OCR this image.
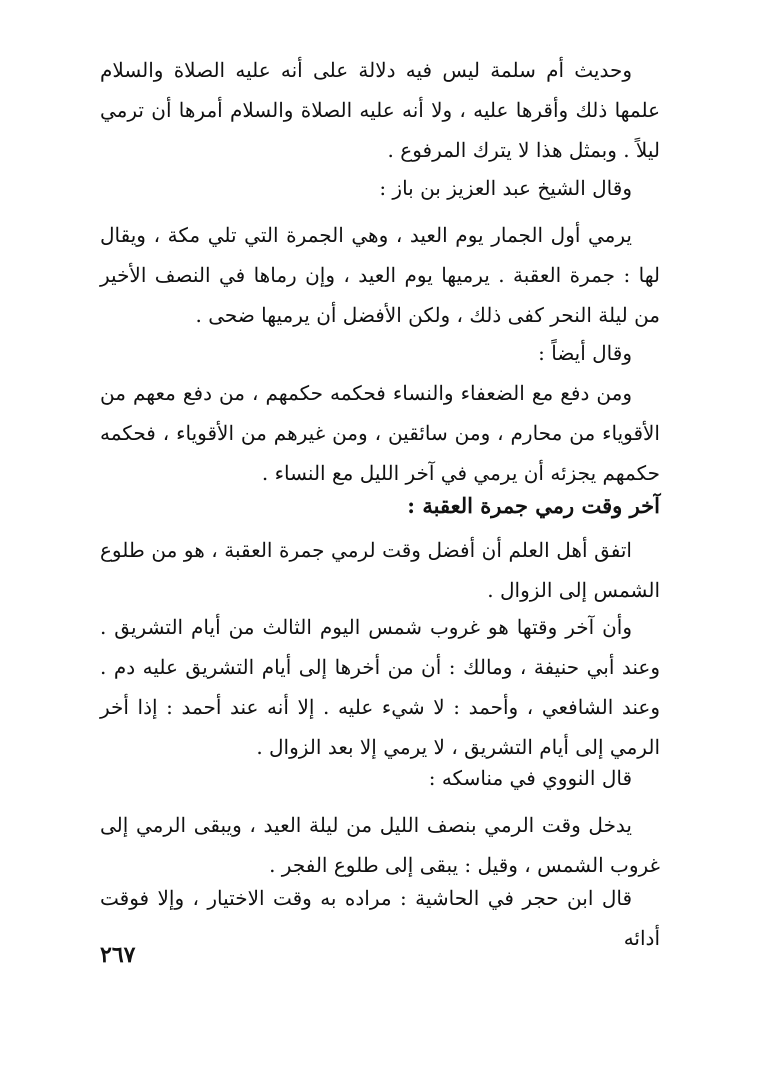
وحديث أم سلمة ليس فيه دلالة على أنه عليه الصلاة والسلام علمها ذلك وأقرها عليه ، ولا أنه عليه الصلاة والسلام أمرها أن ترمي ليلاً . وبمثل هذا لا يترك المرفوع .

وقال الشيخ عبد العزيز بن باز :

يرمي أول الجمار يوم العيد ، وهي الجمرة التي تلي مكة ، ويقال لها : جمرة العقبة . يرميها يوم العيد ، وإن رماها في النصف الأخير من ليلة النحر كفى ذلك ، ولكن الأفضل أن يرميها ضحى .

وقال أيضاً :

ومن دفع مع الضعفاء والنساء فحكمه حكمهم ، من دفع معهم من الأقوياء من محارم ، ومن سائقين ، ومن غيرهم من الأقوياء ، فحكمه حكمهم يجزئه أن يرمي في آخر الليل مع النساء .

آخر وقت رمي جمرة العقبة :

اتفق أهل العلم أن أفضل وقت لرمي جمرة العقبة ، هو من طلوع الشمس إلى الزوال .

وأن آخر وقتها هو غروب شمس اليوم الثالث من أيام التشريق . وعند أبي حنيفة ، ومالك : أن من أخرها إلى أيام التشريق عليه دم . وعند الشافعي ، وأحمد : لا شيء عليه . إلا أنه عند أحمد : إذا أخر الرمي إلى أيام التشريق ، لا يرمي إلا بعد الزوال .

قال النووي في مناسكه :

يدخل وقت الرمي بنصف الليل من ليلة العيد ، ويبقى الرمي إلى غروب الشمس ، وقيل : يبقى إلى طلوع الفجر .

قال ابن حجر في الحاشية : مراده به وقت الاختيار ، وإلا فوقت أدائه

٢٦٧
